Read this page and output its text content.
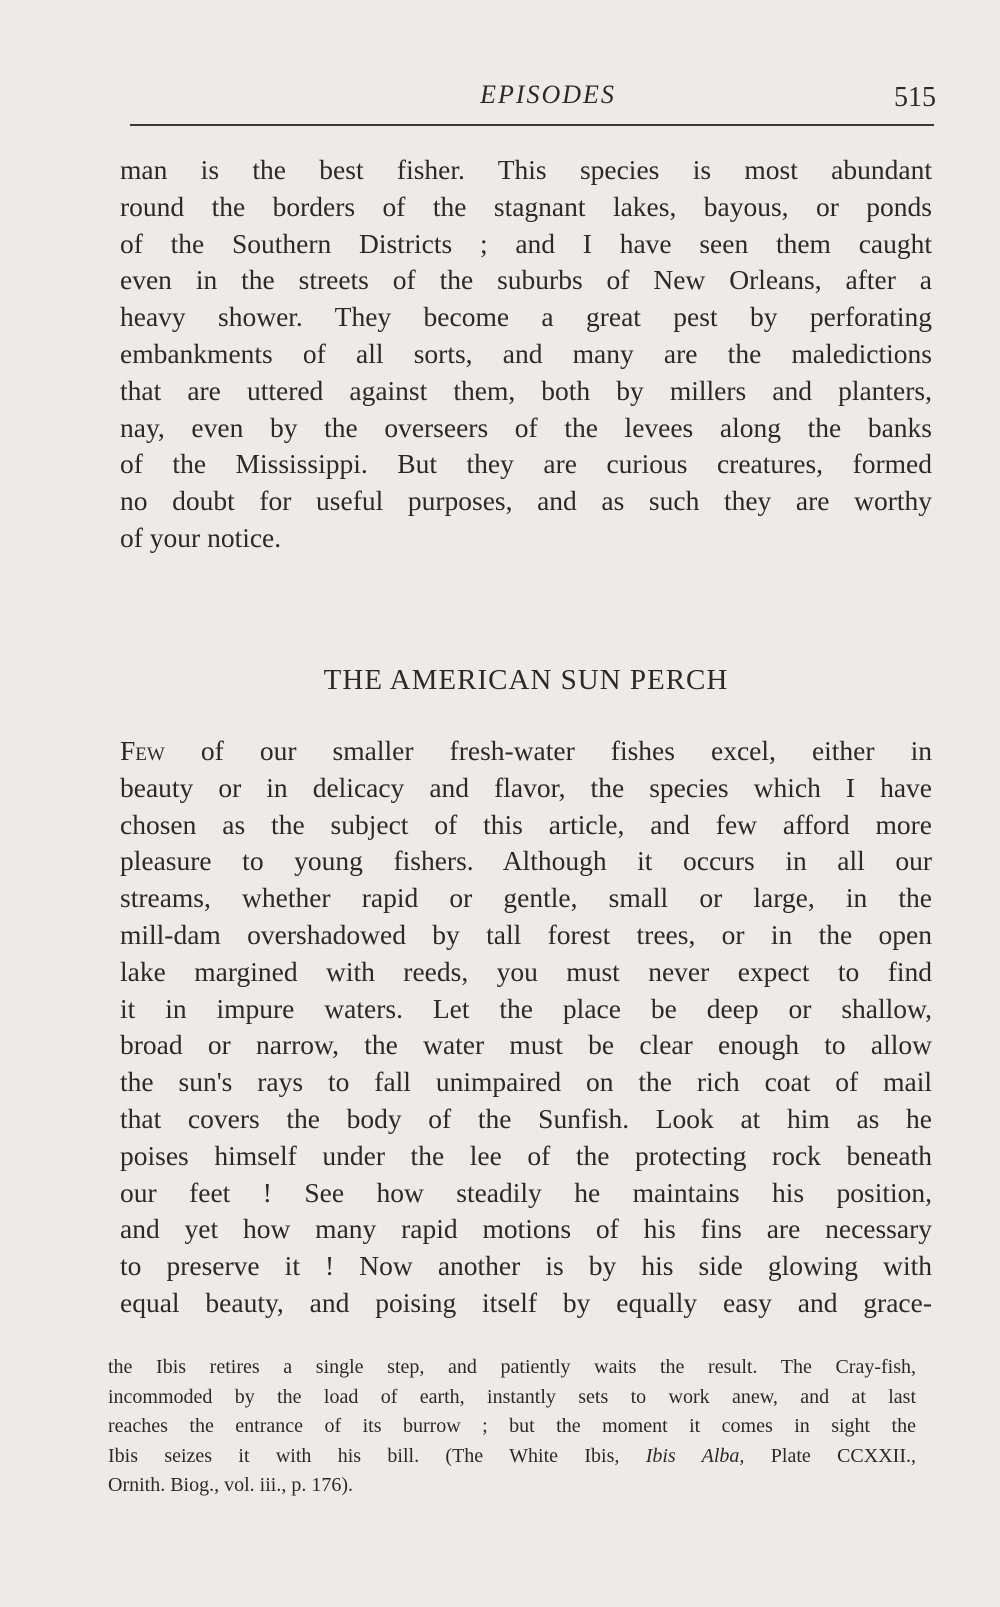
EPISODES	515
man is the best fisher. This species is most abundant
round the borders of the stagnant lakes, bayous, or ponds
of the Southern Districts ; and I have seen them caught
even in the streets of the suburbs of New Orleans, after a
heavy shower. They become a great pest by perforating
embankments of all sorts, and many are the maledictions
that are uttered against them, both by millers and planters,
nay, even by the overseers of the levees along the banks
of the Mississippi. But they are curious creatures, formed
no doubt for useful purposes, and as such they are worthy
of your notice.
THE AMERICAN SUN PERCH
Few of our smaller fresh-water fishes excel, either in
beauty or in delicacy and flavor, the species which I have
chosen as the subject of this article, and few afford more
pleasure to young fishers. Although it occurs in all our
streams, whether rapid or gentle, small or large, in the
mill-dam overshadowed by tall forest trees, or in the open
lake margined with reeds, you must never expect to find
it in impure waters. Let the place be deep or shallow,
broad or narrow, the water must be clear enough to allow
the sun's rays to fall unimpaired on the rich coat of mail
that covers the body of the Sunfish. Look at him as he
poises himself under the lee of the protecting rock beneath
our feet ! See how steadily he maintains his position,
and yet how many rapid motions of his fins are necessary
to preserve it ! Now another is by his side glowing with
equal beauty, and poising itself by equally easy and grace-
the Ibis retires a single step, and patiently waits the result. The Cray-fish,
incommoded by the load of earth, instantly sets to work anew, and at last
reaches the entrance of its burrow ; but the moment it comes in sight the
Ibis seizes it with his bill. (The White Ibis, Ibis Alba, Plate CCXXII.,
Ornith. Biog., vol. iii., p. 176).
